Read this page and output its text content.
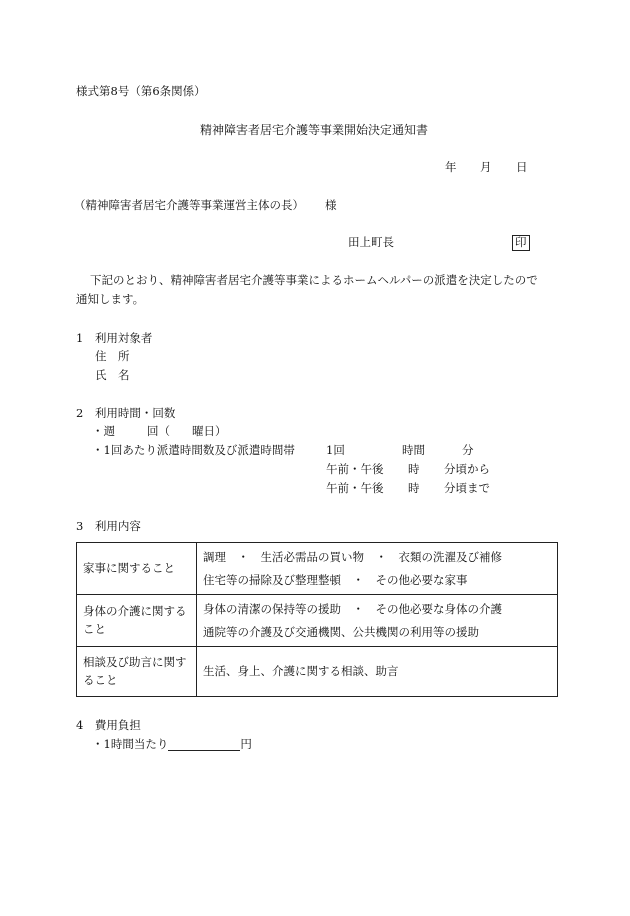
様式第8号（第6条関係）
精神障害者居宅介護等事業開始決定通知書
年 月 日
（精神障害者居宅介護等事業運営主体の長） 様
田上町長	印
下記のとおり、精神障害者居宅介護等事業によるホームヘルパーの派遣を決定したので
通知します。
1　利用対象者
住　所
氏　名
2　利用時間・回数
・週	回（ 曜日）
・1回あたり派遣時間数及び派遣時間帯	1回	時間	分
午前・午後 時 分頃から
午前・午後 時 分頃まで
3　利用内容
家事に関すること	調理　・　生活必需品の買い物　・　衣類の洗濯及び補修
住宅等の掃除及び整理整頓　・　その他必要な家事

身体の介護に関すること	身体の清潔の保持等の援助　・　その他必要な身体の介護
通院等の介護及び交通機関、公共機関の利用等の援助

相談及び助言に関すること	生活、身上、介護に関する相談、助言
4　費用負担
・1時間当たり	円
